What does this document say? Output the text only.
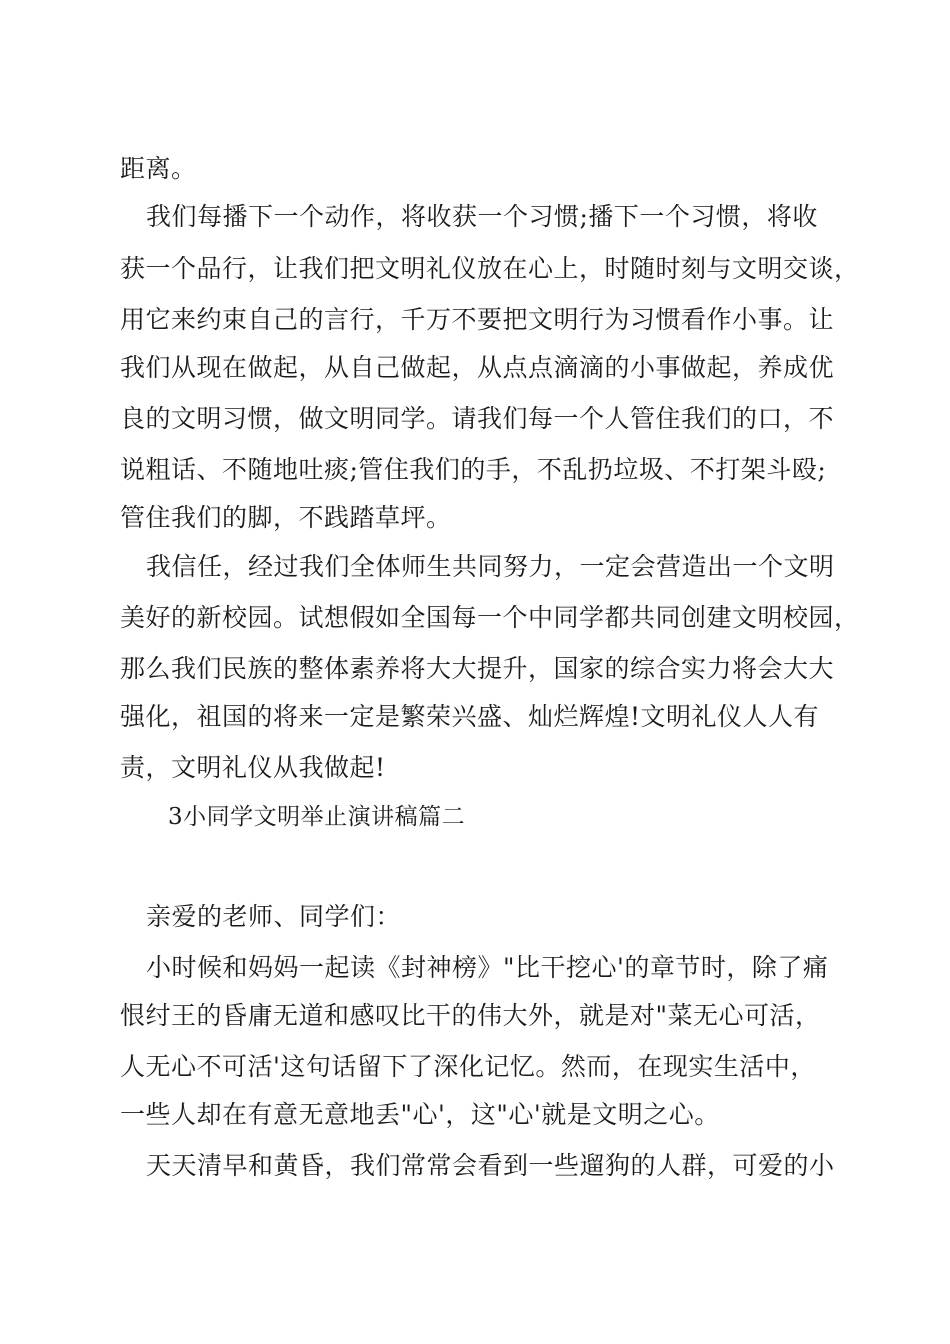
距离。
我们每播下一个动作，将收获一个习惯;播下一个习惯，将收
获一个品行，让我们把文明礼仪放在心上，时随时刻与文明交谈，
用它来约束自己的言行，千万不要把文明行为习惯看作小事。让
我们从现在做起，从自己做起，从点点滴滴的小事做起，养成优
良的文明习惯，做文明同学。请我们每一个人管住我们的口，不
说粗话、不随地吐痰;管住我们的手，不乱扔垃圾、不打架斗殴;
管住我们的脚，不践踏草坪。
我信任，经过我们全体师生共同努力，一定会营造出一个文明
美好的新校园。试想假如全国每一个中同学都共同创建文明校园，
那么我们民族的整体素养将大大提升，国家的综合实力将会大大
强化，祖国的将来一定是繁荣兴盛、灿烂辉煌!文明礼仪人人有
责，文明礼仪从我做起!
3小同学文明举止演讲稿篇二
亲爱的老师、同学们：
小时候和妈妈一起读《封神榜》"比干挖心'的章节时，除了痛
恨纣王的昏庸无道和感叹比干的伟大外，就是对"菜无心可活，
人无心不可活'这句话留下了深化记忆。然而，在现实生活中，
一些人却在有意无意地丢"心'，这"心'就是文明之心。
天天清早和黄昏，我们常常会看到一些遛狗的人群，可爱的小
